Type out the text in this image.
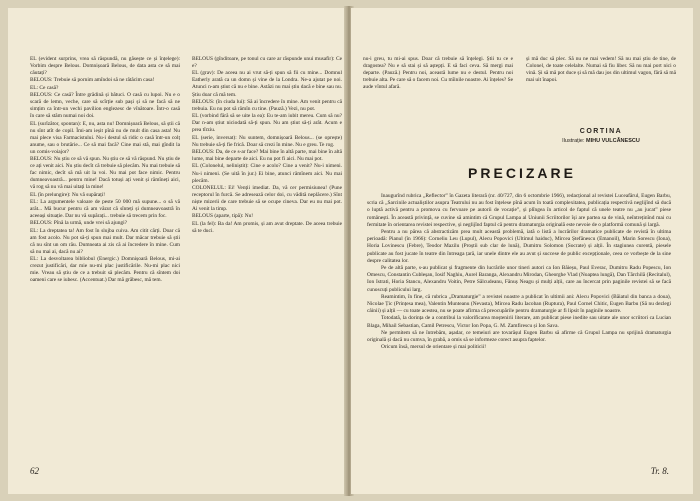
EL (evident surprins, vrea să răspundă, nu găsește ce și înțelege): Vorbim despre Belous. Domnișoară Belous, de data asta ce să mai căutați?

BELOUS: Trebuie să pornim amîndoi să ne rătăcim casa!

EL: Ce casă?

BELOUS: Ce casă? Între grădină și bătuci. O casă cu lupoi. Nu e o scară de lemn, veche, care să scîrție sub pași și să ne facă să ne simțim ca într-un vechi pavilion englezesc de vînătoare. Într-o casă în care să stăm numai noi doi.

EL (surîzător, spontan): E, nu, asta nu! Domnișoară Belous, să știi că nu sînt atît de copil. Îmi-am ieșit pînă nu de mult din casa asta! Nu mai plece visa Farmacistului. Nu-i destul să ridic o casă într-un colț anume, sau o brutărie... Ce să mai facă? Cine mai stă, mai gîndit la un comis-voiajor?

BELOUS: Nu știu ce să vă spun. Nu știu ce să vă răspund. Nu știu de ce ați venit aici. Nu știu decît că trebuie să plecăm. Nu mai trebuie să fac nimic, decît să mă uit la voi. Nu mai pot face nimic. Pentru dumneavoastră... pentru mine! Dacă totuși ați venit și rămîneți aici, vă rog să nu vă mai uitați la mine!

EL (în prelungire): Nu vă supărați!

EL: La argumentele valoare de peste 50 000 mă supune... o să vă arăt... Mă bucur pentru că am văzut că sînteți și dumneavoastră în aceeași situație. Dar nu vă supărați... trebuie să trecem prin foc.

BELOUS: Pînă la urmă, unde vrei să ajungi?

EL: La dreptatea ta! Am fost în slujba cuiva. Am citit cărți. Doar că am fost acolo. Nu pot să-ți spun mai mult. Dar măcar trebuie să știi că nu sînt un om rău. Dumneata ai zis că ai încredere în mine. Cum să nu mai ai, dacă nu ai?

EL: La desvoltarea bibliobul (Energic.) Domnișoară Belous, mi-ai crezut justificări, dar mie nu-mi plac justificările. Nu-mi plac nici mie. Vreau să știu de ce a trebuit să plecăm. Pentru că sîntem doi oameni care se iubesc. (Accentuat.) Dar mă grăbesc, mă tem.

BELOUS (gînditoare, pe tonul cu care ar răspunde unui musafir): Ce e?

EL (grav): De aceea nu ai vrut să-ți spun să fii cu mine... Domnul Eatherly arată ca un domn și vine de la Londra. Ne-a ajutat pe noi. Atunci n-am știut că nu e bine. Astăzi nu mai știu dacă e bine sau nu. Știu doar că mă tem.

BELOUS: (în ciuda lui): Să ai încredere în mine. Am venit pentru că trebuia. Eu nu pot să rămîn cu tine. (Pauză.) Vezi, nu pot.

EL (vorbind fără să se uite la ea): Eu te-am iubit mereu. Cum să nu? Dar n-am știut niciodată să-ți spun. Nu am știut să-ți arăt. Acum e prea tîrziu.

EL (serie, inversat): Nu suntem, domnișoară Belous... (se oprește) Nu trebuie să-ți fie frică. Doar să crezi în mine. Nu e greu. Te rog.

BELOUS: Da, de ce s-ar face? Mai bine în altă parte, mai bine în altă lume, mai bine departe de aici. Eu nu pot fi aici. Nu mai pot.

EL (Colonelul, neliniștit): Cine e acolo? Cine a venit? Nu-i nimeni. Nu-i nimeni. (Se uită în jur.) Ei bine, atunci rămînem aici. Nu mai plecăm.

COLONELUL: Ei! Venții imediat. Da, vă cer permisiunea! (Pune receptorul în furcă. Se adresează celor doi, cu vădită neplăcere.) Sînt niște mizerii de care trebuie să se ocupe cineva. Dar eu nu mai pot. Ai venit la timp.

BELOUS (aparte, tipă): Nu!

EL (la fel): Ba da! Am promis, și am avut dreptate. De aceea trebuie să te duci.

62
nu-i greu, tu mi-ai spus. Doar că trebuie să înțelegi. Știi tu ce e dragostea? Nu e să stai și să aștepți. E să faci ceva. Să mergi mai departe. (Pauză.) Pentru noi, această lume nu e destul. Pentru noi trebuie alta. Pe care să o facem noi. Cu mîinile noastre. Ai înțeles? Se aude vîntul afară.
și mă duc să plec. Să nu ne mai vedem! Să nu mai știu de tine, de Colonel, de toate celelalte. Numai să fiu liber. Să nu mai port nici o vină. Și să mă pot duce și să mă dau jos din ultimul vagon, fără să mă mai uit înapoi.
CORTINA
Ilustrație: MIHU VULCĂNESCU
PRECIZARE

Inaugurînd rubrica „Reflector” în Gazeta literară (nr. 40/727, din 6 octombrie 1966), redacțional al revistei Luceafărul, Eugen Barbu, scria că „Sarcinile actualiștilor asupra Teatrului nu au fost înțelese pînă acum în toată complexitatea, publicația respectivă neglijînd să ducă o luptă activă pentru a promova cu fervoare pe autorii de vocație”, și plîngea în articol de faptul că unele teatre nu „au jucat” piese românești. În această privință, se cuvine să amintim că Grupul Lampa al Uniunii Scriitorilor își are partea sa de vină, neîntreținînd mai cu fermitate în orientarea revistei respective, și neglijînd faptul că pentru dramaturgia originală este nevoie de o platformă comună și largă.

Pentru a nu părea că abstractizăm prea mult această problemă, iată o listă a lucrărilor dramatice publicate de revistă în ultima perioadă: Pianul (în 1966): Corneliu Leu (Lupul), Alecu Popovici (Ultimul haiduc), Mircea Ștefănescu (Emanoil), Marin Sorescu (Iona), Horia Lovinescu (Febre), Teodor Mazilu (Proștii sub clar de lună), Dumitru Solomon (Socrate) și alții. În stagiunea curentă, piesele publicate au fost jucate în teatre din întreaga țară, iar unele dintre ele au avut și succese de public excepționale, ceea ce vorbește de la sine despre calitatea lor.

Pe de altă parte, s-au publicat și fragmente din lucrările unor tineri autori ca Ion Băieșu, Paul Everac, Dumitru Radu Popescu, Ion Omescu, Constantin Cubleșan, Iosif Naghiu, Aurel Baranga, Alexandru Mirodan, Gheorghe Vlad (Noaptea lungă), Dan Tărchilă (Recitalul), Ion Istrati, Horia Stancu, Alexandru Voitin, Petre Sălcudeanu, Fănuș Neagu și mulți alții, care au încercat prin paginile revistei să se facă cunoscuți publicului larg.

Reamintim, în fine, că rubrica „Dramaturgie” a revistei noastre a publicat în ultimii ani: Alecu Popovici (Băiatul din banca a doua), Nicolae Țic (Prințesa mea), Valentin Munteanu (Nevasta), Mircea Radu Iacoban (Ruptura), Paul Cornel Chitic, Eugen Barbu (Să nu dezlegi câinii) și alții — cu toate acestea, nu se poate afirma că preocupările pentru dramaturgie ar fi lipsit în paginile noastre.

Totodată, la dorința de a contribui la valorificarea moștenirii literare, am publicat piese inedite sau uitate ale unor scriitori ca Lucian Blaga, Mihail Sebastian, Camil Petrescu, Victor Ion Popa, G. M. Zamfirescu și Ion Sava.

Ne permitem să ne întrebăm, așadar, ce temeiuri are tovarășul Eugen Barbu să afirme că Grupul Lampa nu sprijină dramaturgia originală și dacă nu cumva, în grabă, a omis să se informeze corect asupra faptelor.

Oricum însă, mersul de orientare și mai politicii!

Tr. 8.
